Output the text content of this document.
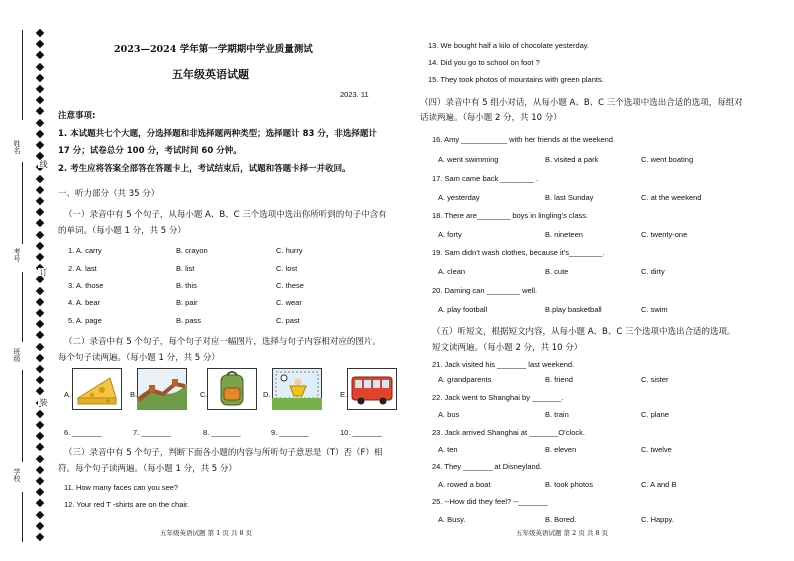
姓名
考号
班级
学校
线
订
装
2023—2024 学年第一学期期中学业质量测试
五年级英语试题
2023. 11
注意事项:
1. 本试题共七个大题，分选择题和非选择题两种类型；选择题计 83 分，非选择题计
17 分；试卷总分 100 分，考试时间 60 分钟。
2. 考生应将答案全部答在答题卡上，考试结束后，试题和答题卡择一并收回。
一、听力部分（共 35 分）
（一）录音中有 5 个句子，从每小题 A、B、C 三个选项中选出你所听到的句子中含有
的单词。（每小题 1 分，共 5 分）
1. A. carry	B. crayon	C. hurry
2. A. last	B. list	C. lost
3. A. those	B. this	C. these
4. A. bear	B. pair	C. wear
5. A. page	B. pass	C. past
（二）录音中有 5 个句子，每个句子对应一幅图片，选择与句子内容相对应的图片。
每个句子读两遍。（每小题 1 分，共 5 分）
A.	B.	C.	D.	E.
6. _______	7. _______	8. _______	9. _______	10. _______
（三）录音中有 5 个句子，判断下面各小题的内容与所听句子意思是（T）否（F）相
符。每个句子读两遍。（每小题 1 分，共 5 分）
11. How many faces can you see?
12. Your red T -shirts are on the chair.
五年级英语试题 第 1 页 共 8 页
13. We bought half a kilo of chocolate yesterday.
14. Did you go to school on foot ?
15. They took photos of mountains with green plants.
（四）录音中有 5 组小对话，从每小题 A、B、C 三个选项中选出合适的选项，每组对
话读两遍。（每小题 2 分，共 10 分）
16. Amy ___________ with her friends at the weekend.
A. went swimming	B. visited a park	C. went boating
17. Sam came back ________ .
A. yesterday	B. last Sunday	C. at the weekend
18. There are________ boys in lingling’s class.
A. forty	B. nineteen	C. twenty-one
19. Sam didn’t wash clothes, because it’s________.
A. clean	B. cute	C. dirty
20. Daming can ________ well.
A. play football	B.play basketball	C. swim
（五）听短文，根据短文内容，从每小题 A、B、C 三个选项中选出合适的选项。
短文读两遍。（每小题 2 分，共 10 分）
21. Jack visited his _______ last weekend.
A. grandparents	B. friend	C. sister
22. Jack went to Shanghai by _______.
A. bus	B. train	C. plane
23. Jack arrived Shanghai at _______O’clock.
A. ten	B. eleven	C. twelve
24. They _______ at Disneyland.
A. rowed a boat	B. took photos	C. A and B
25. --How did they feel? --_______
A. Busy.	B. Bored.	C. Happy.
五年级英语试题 第 2 页 共 8 页
